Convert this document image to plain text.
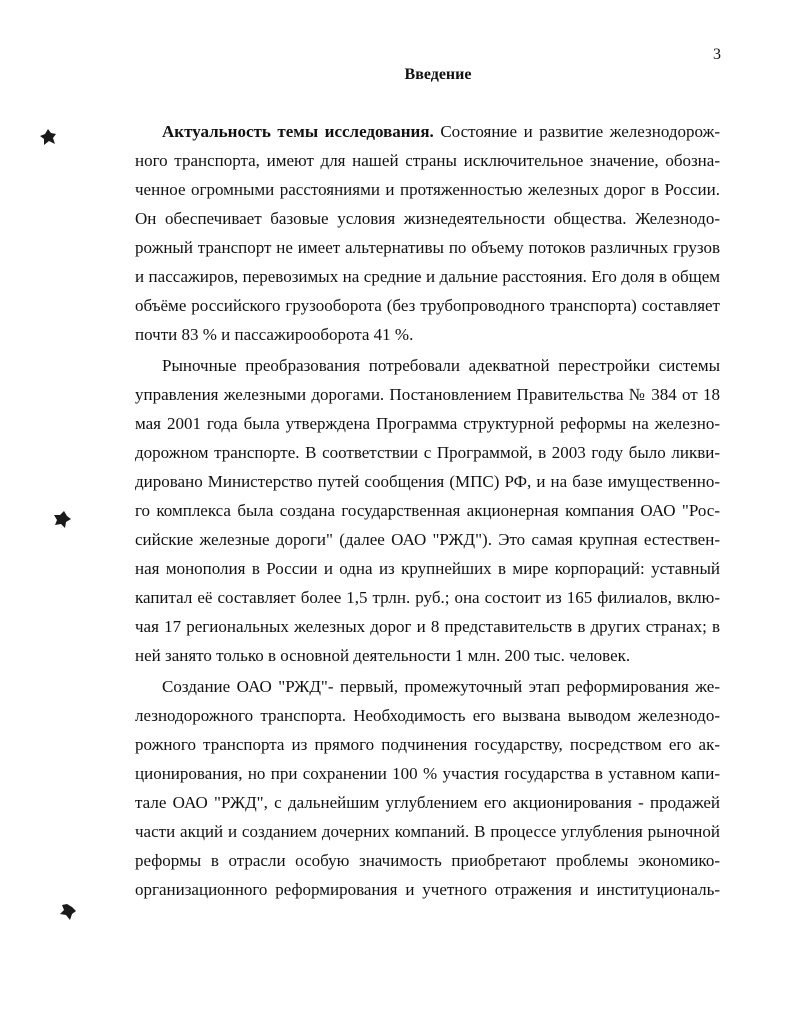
3
Введение
Актуальность темы исследования. Состояние и развитие железнодорож-
ного транспорта, имеют для нашей страны исключительное значение, обозна-
ченное огромными расстояниями и протяженностью железных дорог в России.
Он обеспечивает базовые условия жизнедеятельности общества. Железнодо-
рожный транспорт не имеет альтернативы по объему потоков различных грузов
и пассажиров, перевозимых на средние и дальние расстояния. Его доля в общем
объёме российского грузооборота (без трубопроводного транспорта) составляет
почти 83 % и пассажирооборота 41 %.
Рыночные преобразования потребовали адекватной перестройки системы
управления железными дорогами. Постановлением Правительства № 384 от 18
мая 2001 года была утверждена Программа структурной реформы на железно-
дорожном транспорте. В соответствии с Программой, в 2003 году было ликви-
дировано Министерство путей сообщения (МПС) РФ, и на базе имущественно-
го комплекса была создана государственная акционерная компания ОАО "Рос-
сийские железные дороги" (далее ОАО "РЖД"). Это самая крупная естествен-
ная монополия в России и одна из крупнейших в мире корпораций: уставный
капитал её составляет более 1,5 трлн. руб.; она состоит из 165 филиалов, вклю-
чая 17 региональных железных дорог и 8 представительств в других странах; в
ней занято только в основной деятельности 1 млн. 200 тыс. человек.
Создание ОАО "РЖД"- первый, промежуточный этап реформирования же-
лезнодорожного транспорта. Необходимость его вызвана выводом железнодо-
рожного транспорта из прямого подчинения государству, посредством его ак-
ционирования, но при сохранении 100 % участия государства в уставном капи-
тале ОАО "РЖД", с дальнейшим углублением его акционирования - продажей
части акций и созданием дочерних компаний. В процессе углубления рыночной
реформы в отрасли особую значимость приобретают проблемы экономико-
организационного реформирования и учетного отражения и институциональ-
